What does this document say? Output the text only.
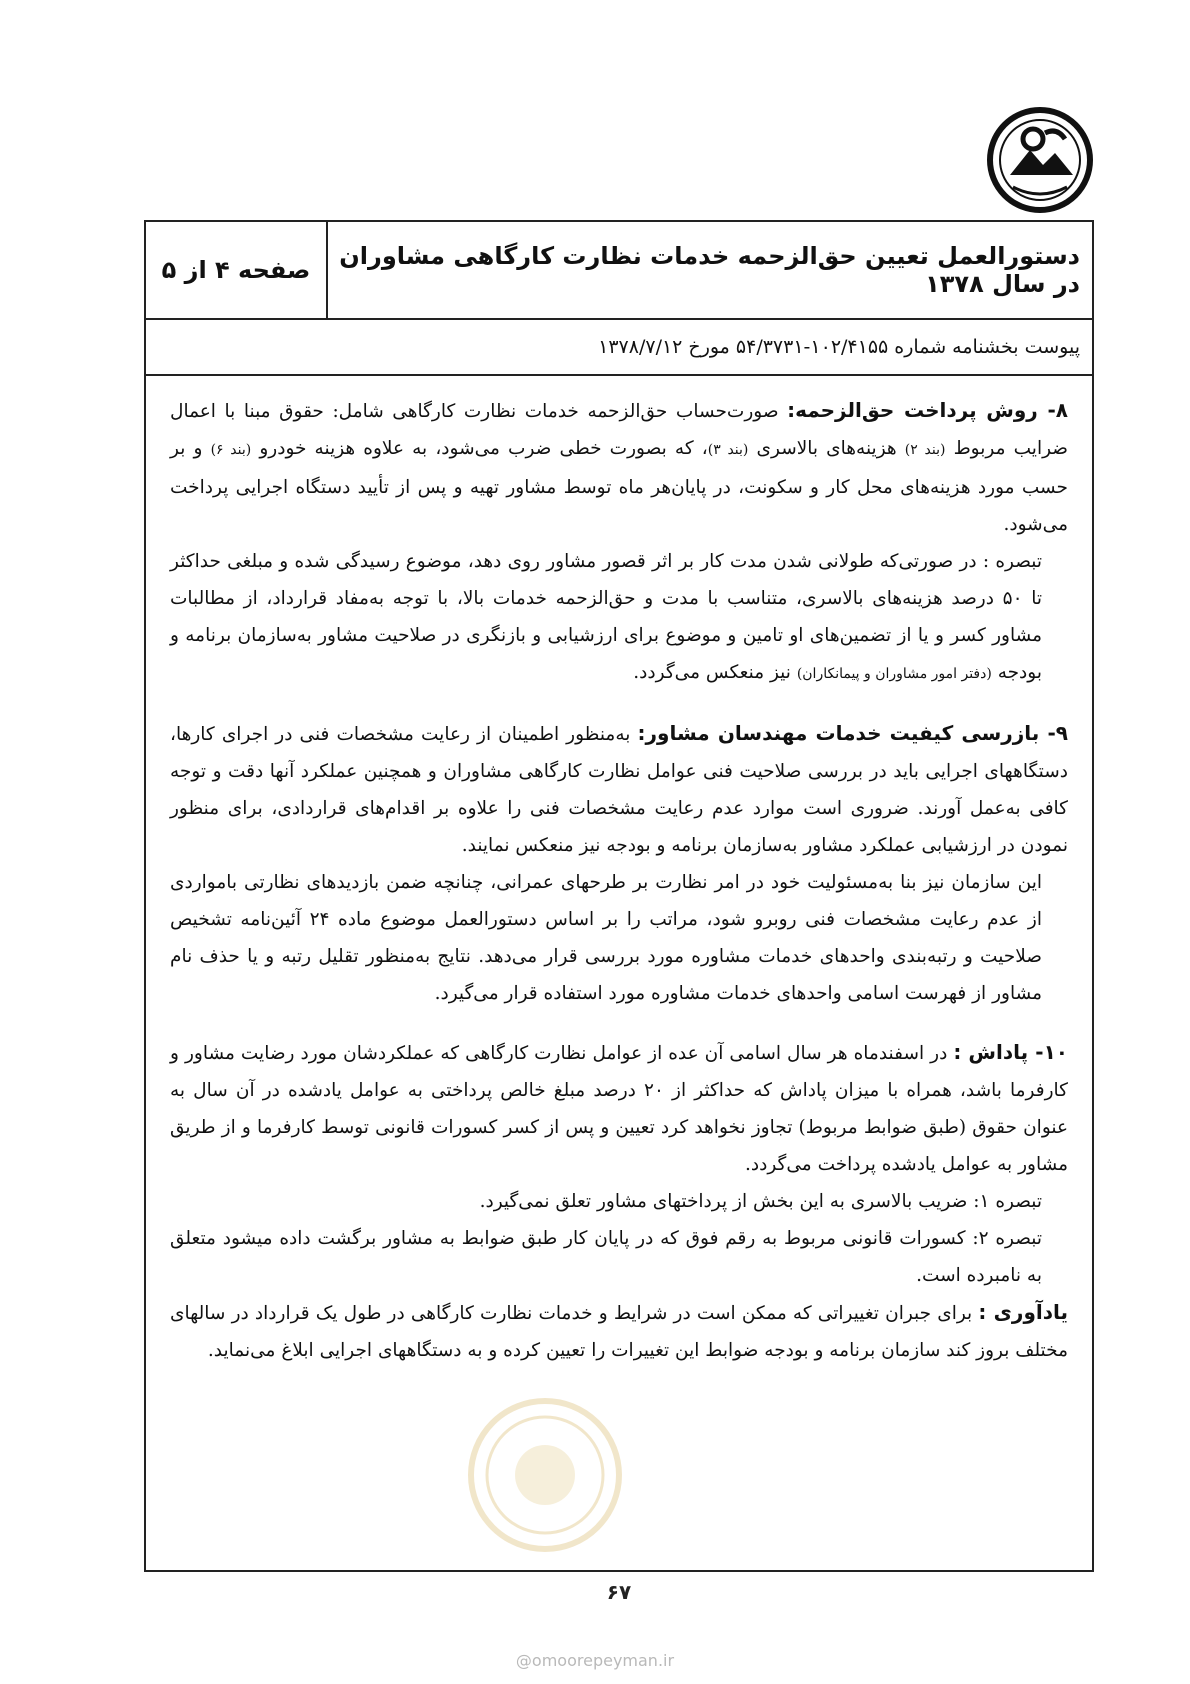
دستورالعمل تعیین حق‌الزحمه خدمات نظارت کارگاهی مشاوران در سال ۱۳۷۸
صفحه ۴ از ۵
پیوست بخشنامه شماره ۱۰۲/۴۱۵۵-۵۴/۳۷۳۱ مورخ ۱۳۷۸/۷/۱۲

۸- روش پرداخت حق‌الزحمه: صورت‌حساب حق‌الزحمه خدمات نظارت کارگاهی شامل: حقوق مبنا با اعمال ضرایب مربوط (بند ۲) هزینه‌های بالاسری (بند ۳)، که بصورت خطی ضرب می‌شود، به علاوه هزینه خودرو (بند ۶) و بر حسب مورد هزینه‌های محل کار و سکونت، در پایان‌هر ماه توسط مشاور تهیه و پس از تأیید دستگاه اجرایی پرداخت می‌شود.

تبصره : در صورتی‌که طولانی شدن مدت کار بر اثر قصور مشاور روی دهد، موضوع رسیدگی شده و مبلغی حداکثر تا ۵۰ درصد هزینه‌های بالاسری، متناسب با مدت و حق‌الزحمه خدمات بالا، با توجه به‌مفاد قرارداد، از مطالبات مشاور کسر و یا از تضمین‌های او تامین و موضوع برای ارزشیابی و بازنگری در صلاحیت مشاور به‌سازمان برنامه و بودجه (دفتر امور مشاوران و پیمانکاران) نیز منعکس می‌گردد.

۹- بازرسی کیفیت خدمات مهندسان مشاور: به‌منظور اطمینان از رعایت مشخصات فنی در اجرای کارها، دستگاههای اجرایی باید در بررسی صلاحیت فنی عوامل نظارت کارگاهی مشاوران و همچنین عملکرد آنها دقت و توجه کافی به‌عمل آورند. ضروری است موارد عدم رعایت مشخصات فنی را علاوه بر اقدام‌های قراردادی، برای منظور نمودن در ارزشیابی عملکرد مشاور به‌سازمان برنامه و بودجه نیز منعکس نمایند.

این سازمان نیز بنا به‌مسئولیت خود در امر نظارت بر طرحهای عمرانی، چنانچه ضمن بازدیدهای نظارتی باموارد‌ی از عدم رعایت مشخصات فنی روبرو شود، مراتب را بر اساس دستورالعمل موضوع ماده ۲۴ آئین‌نامه تشخیص صلاحیت و رتبه‌بندی واحدهای خدمات مشاوره مورد بررسی قرار می‌دهد. نتایج به‌منظور تقلیل رتبه و یا حذف نام مشاور از فهرست اسامی واحدهای خدمات مشاوره مورد استفاده قرار می‌گیرد.

۱۰- پاداش : در اسفندماه هر سال اسامی آن عده از عوامل نظارت کارگاهی که عملکردشان مورد رضایت مشاور و کارفرما باشد، همراه با میزان پاداش که حداکثر از ۲۰ درصد مبلغ خالص پرداختی به عوامل یادشده در آن سال به عنوان حقوق (طبق ضوابط مربوط) تجاوز نخواهد کرد تعیین و پس از کسر کسورات قانونی توسط کارفرما و از طریق مشاور به عوامل یادشده پرداخت می‌گردد.

تبصره ۱: ضریب بالاسری به این بخش از پرداختهای مشاور تعلق نمی‌گیرد.

تبصره ۲: کسورات قانونی مربوط به رقم فوق که در پایان کار طبق ضوابط به مشاور برگشت داده میشود متعلق به نامبرده است.

یادآوری : برای جبران تغییراتی که ممکن است در شرایط و خدمات نظارت کارگاهی در طول یک قرارداد در سالهای مختلف بروز کند سازمان برنامه و بودجه ضوابط این تغییرات را تعیین کرده و به دستگاههای اجرایی ابلاغ می‌نماید.

۶۷
@omoorepeyman.ir
